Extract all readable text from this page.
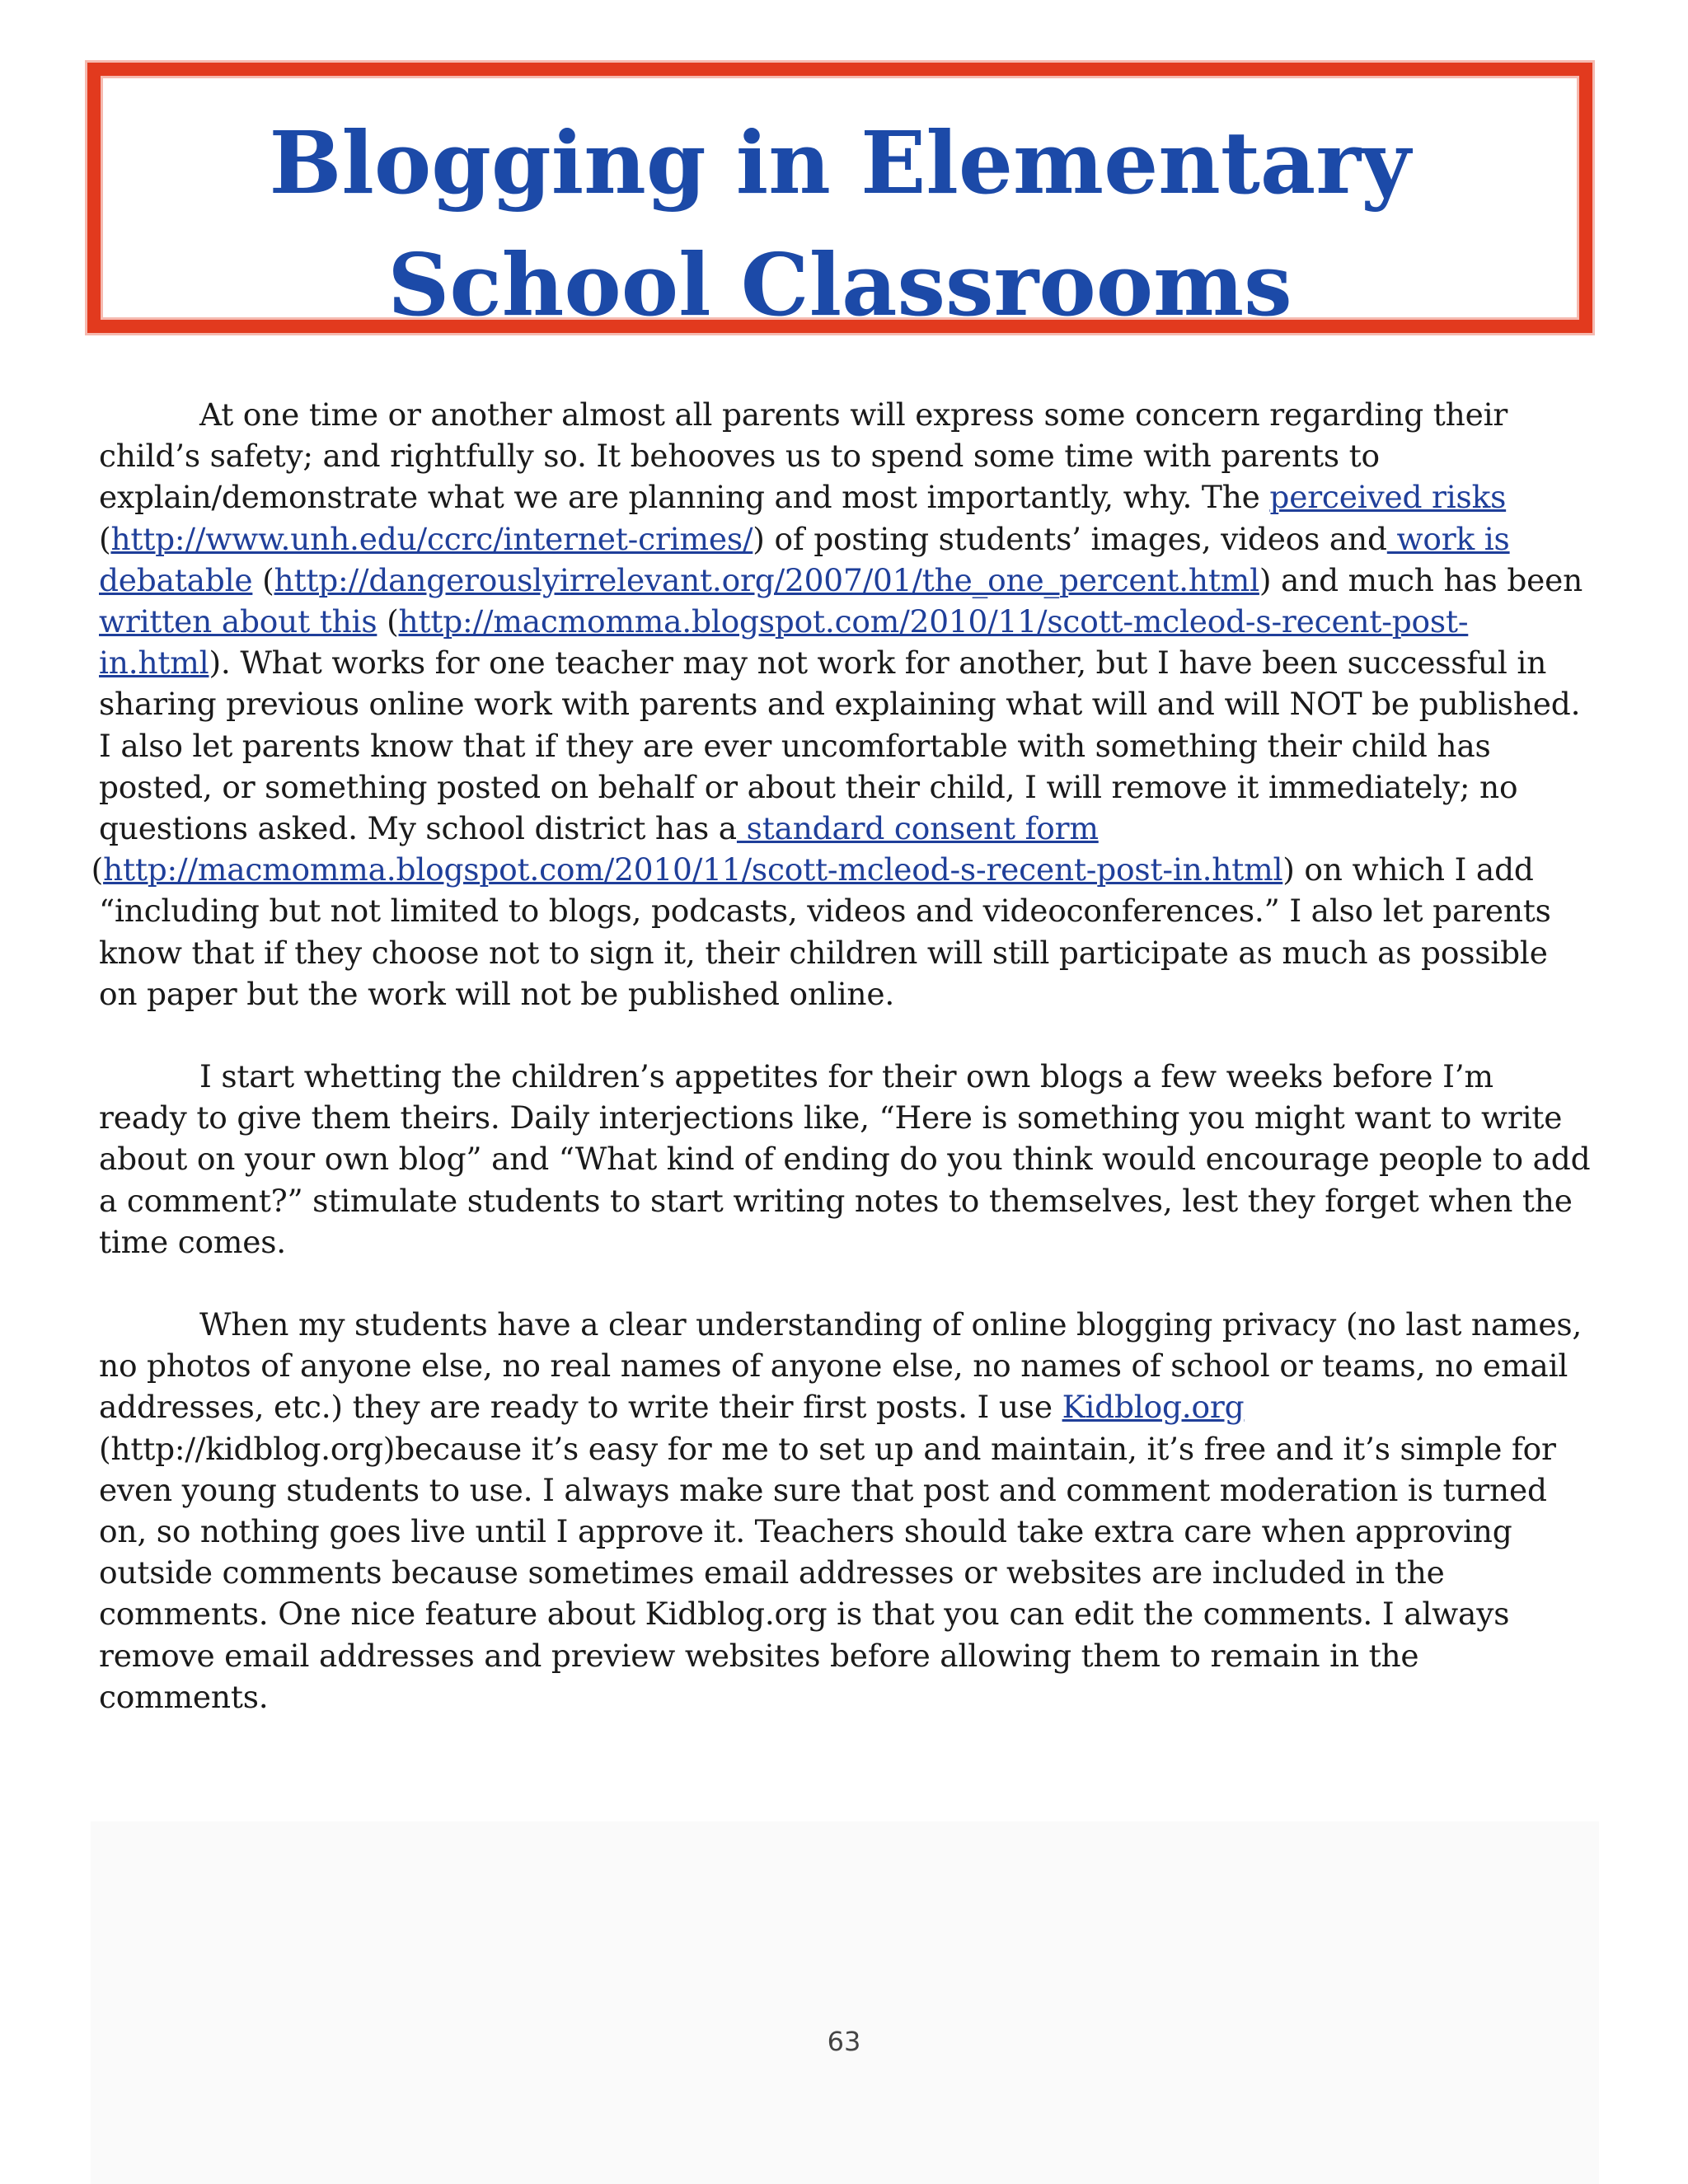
Blogging in Elementary
School Classrooms

At one time or another almost all parents will express some concern regarding their child’s safety; and rightfully so. It behooves us to spend some time with parents to explain/demonstrate what we are planning and most importantly, why. The perceived risks (http://www.unh.edu/ccrc/internet-crimes/) of posting students’ images, videos and work is debatable (http://dangerouslyirrelevant.org/2007/01/the_one_percent.html) and much has been written about this (http://macmomma.blogspot.com/2010/11/scott-mcleod-s-recent-post-in.html). What works for one teacher may not work for another, but I have been successful in sharing previous online work with parents and explaining what will and will NOT be published. I also let parents know that if they are ever uncomfortable with something their child has posted, or something posted on behalf or about their child, I will remove it immediately; no questions asked. My school district has a standard consent form
(http://macmomma.blogspot.com/2010/11/scott-mcleod-s-recent-post-in.html) on which I add “including but not limited to blogs, podcasts, videos and videoconferences.” I also let parents know that if they choose not to sign it, their children will still participate as much as possible on paper but the work will not be published online.

I start whetting the children’s appetites for their own blogs a few weeks before I’m ready to give them theirs. Daily interjections like, “Here is something you might want to write about on your own blog” and “What kind of ending do you think would encourage people to add a comment?” stimulate students to start writing notes to themselves, lest they forget when the time comes.

When my students have a clear understanding of online blogging privacy (no last names, no photos of anyone else, no real names of anyone else, no names of school or teams, no email addresses, etc.) they are ready to write their first posts. I use Kidblog.org (http://kidblog.org)because it’s easy for me to set up and maintain, it’s free and it’s simple for even young students to use. I always make sure that post and comment moderation is turned on, so nothing goes live until I approve it. Teachers should take extra care when approving outside comments because sometimes email addresses or websites are included in the comments. One nice feature about Kidblog.org is that you can edit the comments. I always remove email addresses and preview websites before allowing them to remain in the comments.

63
